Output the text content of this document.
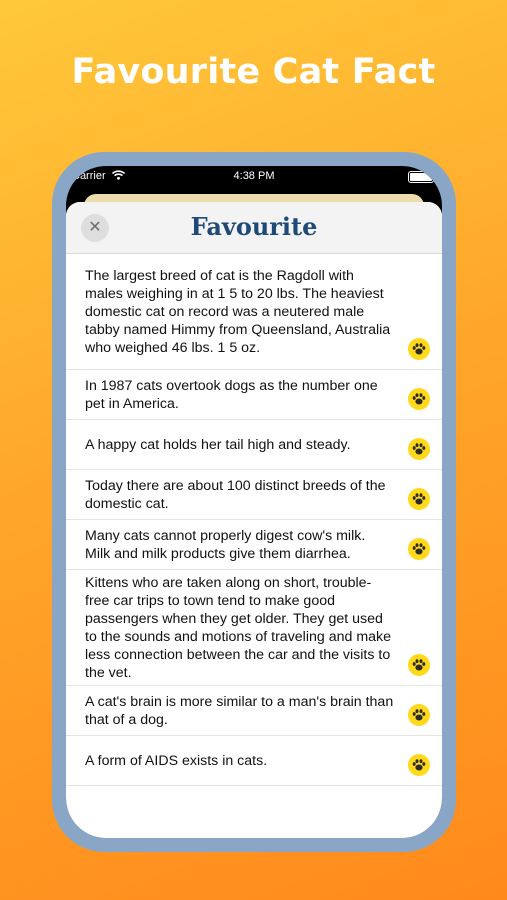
Favourite Cat Fact
Carrier	4:38 PM
✕	Favourite
The largest breed of cat is the Ragdoll with males weighing in at 1 5 to 20 lbs. The heaviest domestic cat on record was a neutered male tabby named Himmy from Queensland, Australia who weighed 46 lbs. 1 5 oz.
In 1987 cats overtook dogs as the number one pet in America.
A happy cat holds her tail high and steady.
Today there are about 100 distinct breeds of the domestic cat.
Many cats cannot properly digest cow's milk. Milk and milk products give them diarrhea.
Kittens who are taken along on short, trouble-free car trips to town tend to make good passengers when they get older. They get used to the sounds and motions of traveling and make less connection between the car and the visits to the vet.
A cat's brain is more similar to a man's brain than that of a dog.
A form of AIDS exists in cats.
